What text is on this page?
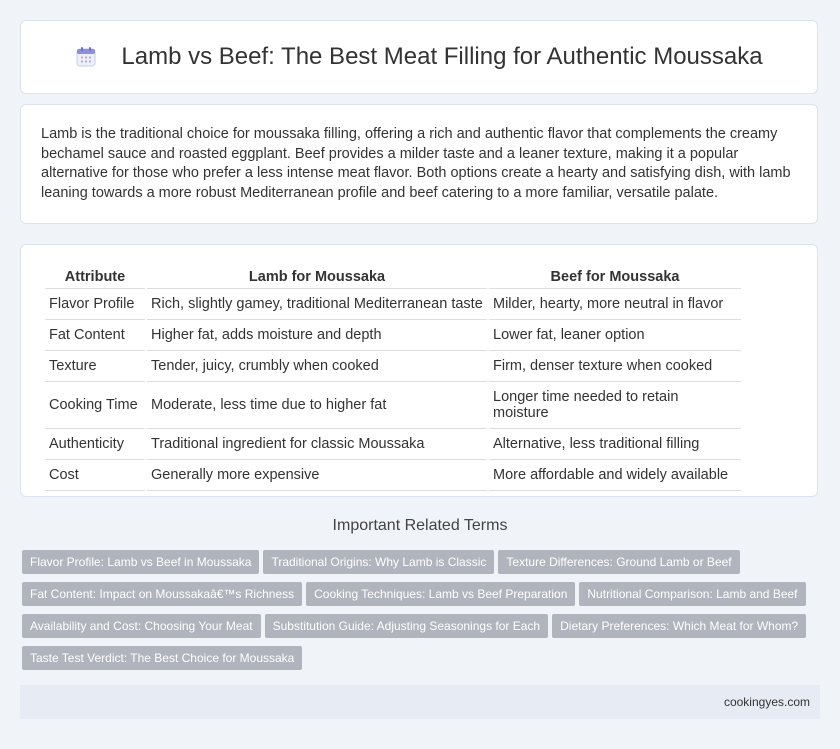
Lamb vs Beef: The Best Meat Filling for Authentic Moussaka

Lamb is the traditional choice for moussaka filling, offering a rich and authentic flavor that complements the creamy bechamel sauce and roasted eggplant. Beef provides a milder taste and a leaner texture, making it a popular alternative for those who prefer a less intense meat flavor. Both options create a hearty and satisfying dish, with lamb leaning towards a more robust Mediterranean profile and beef catering to a more familiar, versatile palate.

Attribute	Lamb for Moussaka	Beef for Moussaka
Flavor Profile	Rich, slightly gamey, traditional Mediterranean taste	Milder, hearty, more neutral in flavor
Fat Content	Higher fat, adds moisture and depth	Lower fat, leaner option
Texture	Tender, juicy, crumbly when cooked	Firm, denser texture when cooked
Cooking Time	Moderate, less time due to higher fat	Longer time needed to retain moisture
Authenticity	Traditional ingredient for classic Moussaka	Alternative, less traditional filling
Cost	Generally more expensive	More affordable and widely available
Important Related Terms
Flavor Profile: Lamb vs Beef in Moussaka Traditional Origins: Why Lamb is Classic Texture Differences: Ground Lamb or Beef
Fat Content: Impact on Moussakaâ€™s Richness Cooking Techniques: Lamb vs Beef Preparation Nutritional Comparison: Lamb and Beef
Availability and Cost: Choosing Your Meat Substitution Guide: Adjusting Seasonings for Each Dietary Preferences: Which Meat for Whom?
Taste Test Verdict: The Best Choice for Moussaka
cookingyes.com
